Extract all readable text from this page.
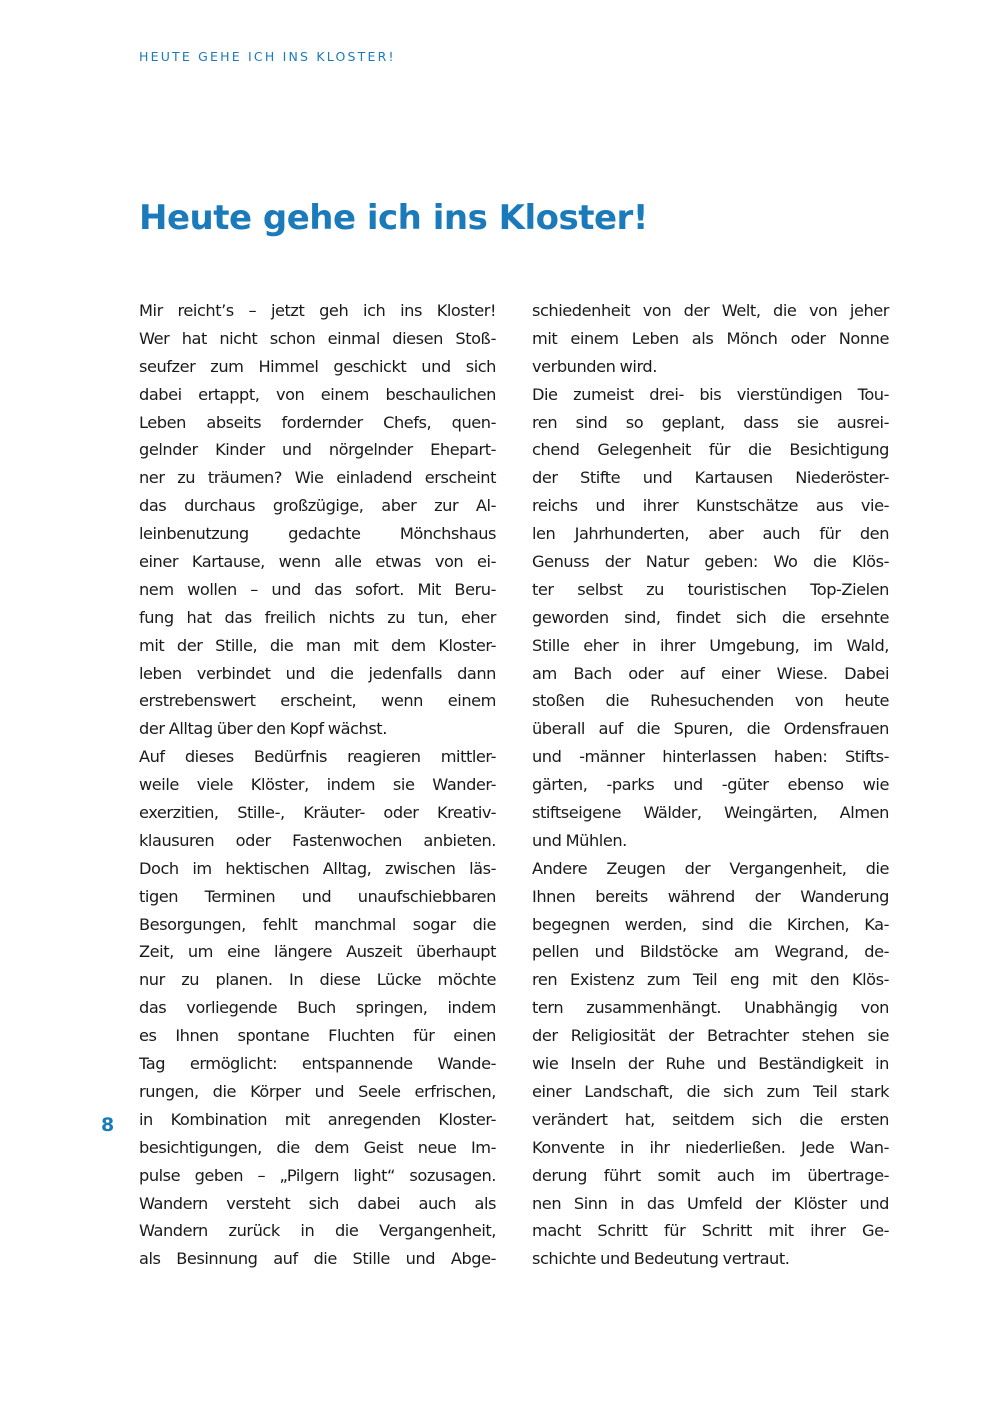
HEUTE GEHE ICH INS KLOSTER!
Heute gehe ich ins Kloster!
8
Mir reicht’s – jetzt geh ich ins Kloster!
Wer hat nicht schon einmal diesen Stoß-
seufzer zum Himmel geschickt und sich
dabei ertappt, von einem beschaulichen
Leben abseits fordernder Chefs, quen-
gelnder Kinder und nörgelnder Ehepart-
ner zu träumen? Wie einladend erscheint
das durchaus großzügige, aber zur Al-
leinbenutzung gedachte Mönchshaus
einer Kartause, wenn alle etwas von ei-
nem wollen – und das sofort. Mit Beru-
fung hat das freilich nichts zu tun, eher
mit der Stille, die man mit dem Kloster-
leben verbindet und die jedenfalls dann
erstrebenswert erscheint, wenn einem
der Alltag über den Kopf wächst.
Auf dieses Bedürfnis reagieren mittler-
weile viele Klöster, indem sie Wander-
exerzitien, Stille-, Kräuter- oder Kreativ-
klausuren oder Fastenwochen anbieten.
Doch im hektischen Alltag, zwischen läs-
tigen Terminen und unaufschiebbaren
Besorgungen, fehlt manchmal sogar die
Zeit, um eine längere Auszeit überhaupt
nur zu planen. In diese Lücke möchte
das vorliegende Buch springen, indem
es Ihnen spontane Fluchten für einen
Tag ermöglicht: entspannende Wande-
rungen, die Körper und Seele erfrischen,
in Kombination mit anregenden Kloster-
besichtigungen, die dem Geist neue Im-
pulse geben – „Pilgern light“ sozusagen.
Wandern versteht sich dabei auch als
Wandern zurück in die Vergangenheit,
als Besinnung auf die Stille und Abge-
schiedenheit von der Welt, die von jeher
mit einem Leben als Mönch oder Nonne
verbunden wird.
Die zumeist drei- bis vierstündigen Tou-
ren sind so geplant, dass sie ausrei-
chend Gelegenheit für die Besichtigung
der Stifte und Kartausen Niederöster-
reichs und ihrer Kunstschätze aus vie-
len Jahrhunderten, aber auch für den
Genuss der Natur geben: Wo die Klös-
ter selbst zu touristischen Top-Zielen
geworden sind, findet sich die ersehnte
Stille eher in ihrer Umgebung, im Wald,
am Bach oder auf einer Wiese. Dabei
stoßen die Ruhesuchenden von heute
überall auf die Spuren, die Ordensfrauen
und -männer hinterlassen haben: Stifts-
gärten, -parks und -güter ebenso wie
stiftseigene Wälder, Weingärten, Almen
und Mühlen.
Andere Zeugen der Vergangenheit, die
Ihnen bereits während der Wanderung
begegnen werden, sind die Kirchen, Ka-
pellen und Bildstöcke am Wegrand, de-
ren Existenz zum Teil eng mit den Klös-
tern zusammenhängt. Unabhängig von
der Religiosität der Betrachter stehen sie
wie Inseln der Ruhe und Beständigkeit in
einer Landschaft, die sich zum Teil stark
verändert hat, seitdem sich die ersten
Konvente in ihr niederließen. Jede Wan-
derung führt somit auch im übertrage-
nen Sinn in das Umfeld der Klöster und
macht Schritt für Schritt mit ihrer Ge-
schichte und Bedeutung vertraut.
